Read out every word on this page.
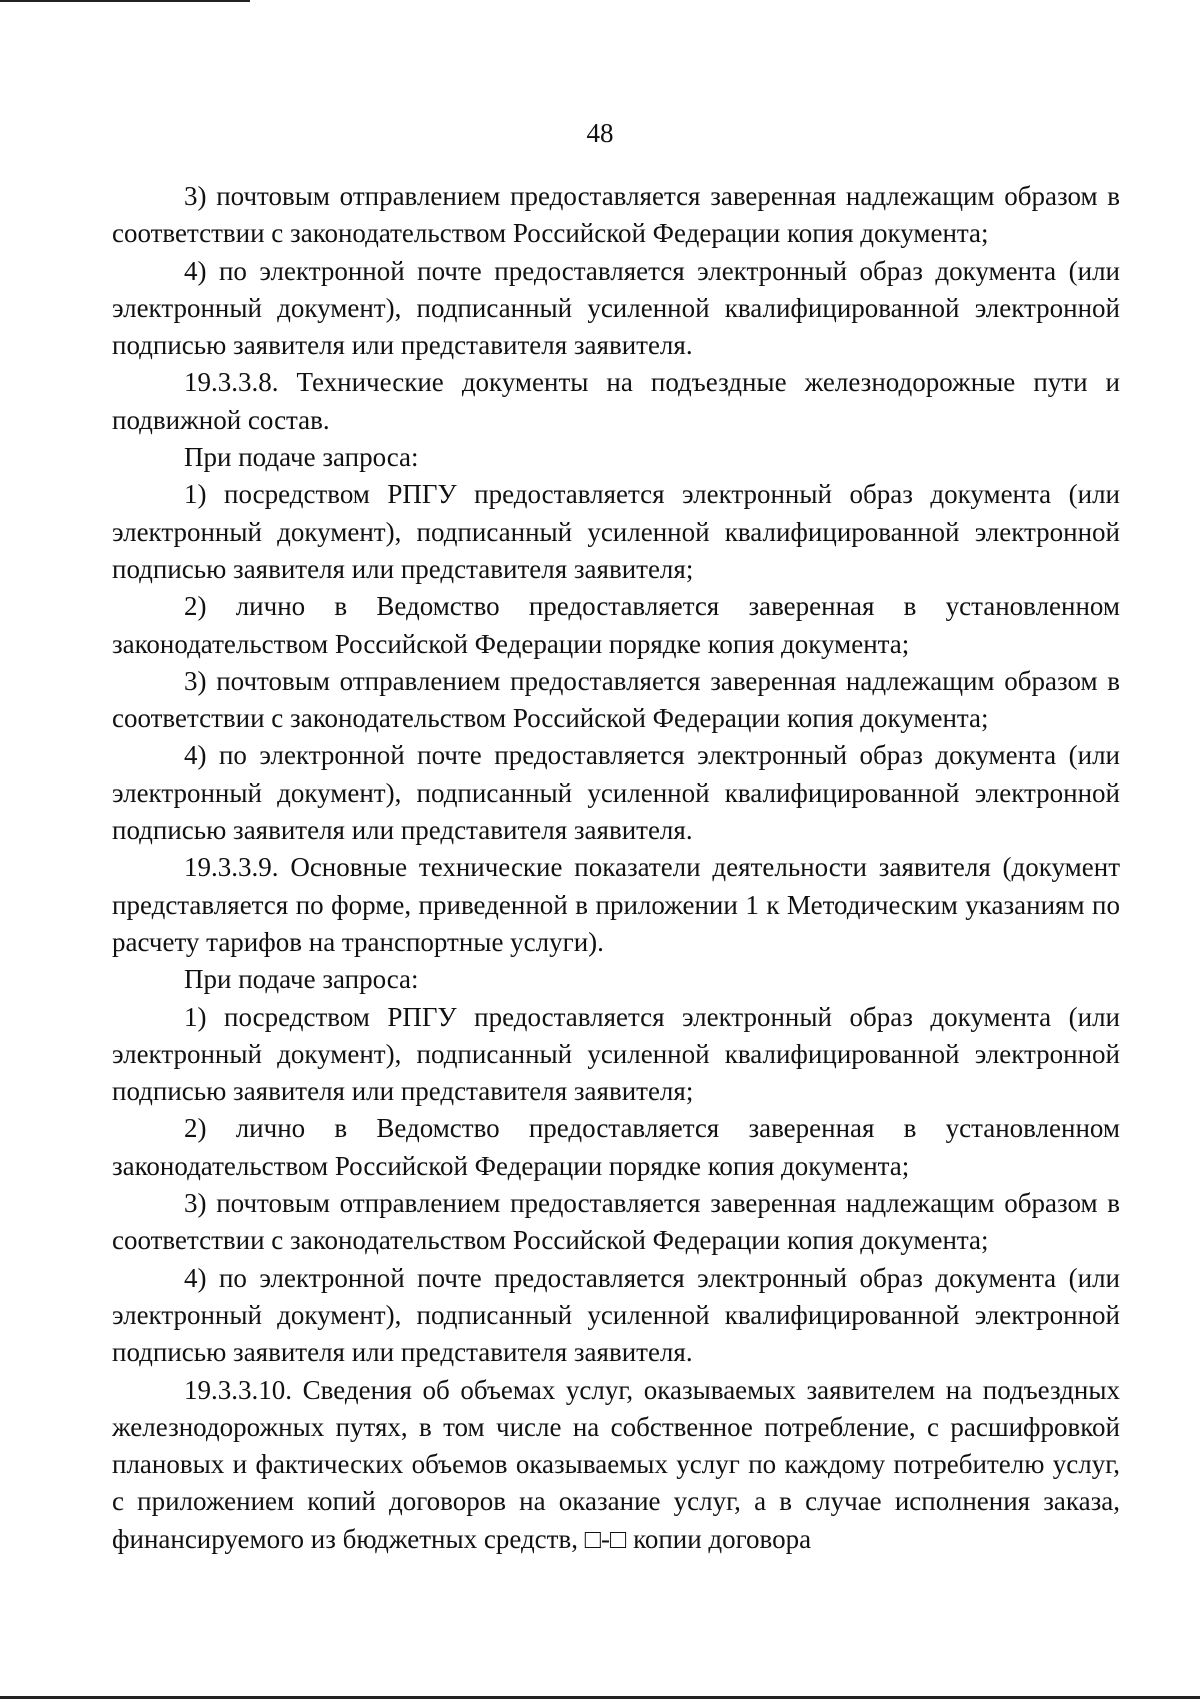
48

3) почтовым отправлением предоставляется заверенная надлежащим образом в соответствии с законодательством Российской Федерации копия документа;

4) по электронной почте предоставляется электронный образ документа (или электронный документ), подписанный усиленной квалифицированной электронной подписью заявителя или представителя заявителя.

19.3.3.8. Технические документы на подъездные железнодорожные пути и подвижной состав.

При подаче запроса:

1) посредством РПГУ предоставляется электронный образ документа (или электронный документ), подписанный усиленной квалифицированной электронной подписью заявителя или представителя заявителя;

2) лично в Ведомство предоставляется заверенная в установленном законодательством Российской Федерации порядке копия документа;

3) почтовым отправлением предоставляется заверенная надлежащим образом в соответствии с законодательством Российской Федерации копия документа;

4) по электронной почте предоставляется электронный образ документа (или электронный документ), подписанный усиленной квалифицированной электронной подписью заявителя или представителя заявителя.

19.3.3.9. Основные технические показатели деятельности заявителя (документ представляется по форме, приведенной в приложении 1 к Методическим указаниям по расчету тарифов на транспортные услуги).

При подаче запроса:

1) посредством РПГУ предоставляется электронный образ документа (или электронный документ), подписанный усиленной квалифицированной электронной подписью заявителя или представителя заявителя;

2) лично в Ведомство предоставляется заверенная в установленном законодательством Российской Федерации порядке копия документа;

3) почтовым отправлением предоставляется заверенная надлежащим образом в соответствии с законодательством Российской Федерации копия документа;

4) по электронной почте предоставляется электронный образ документа (или электронный документ), подписанный усиленной квалифицированной электронной подписью заявителя или представителя заявителя.

19.3.3.10. Сведения об объемах услуг, оказываемых заявителем на подъездных железнодорожных путях, в том числе на собственное потребление, с расшифровкой плановых и фактических объемов оказываемых услуг по каждому потребителю услуг, с приложением копий договоров на оказание услуг, а в случае исполнения заказа, финансируемого из бюджетных средств, □-□ копии договора
